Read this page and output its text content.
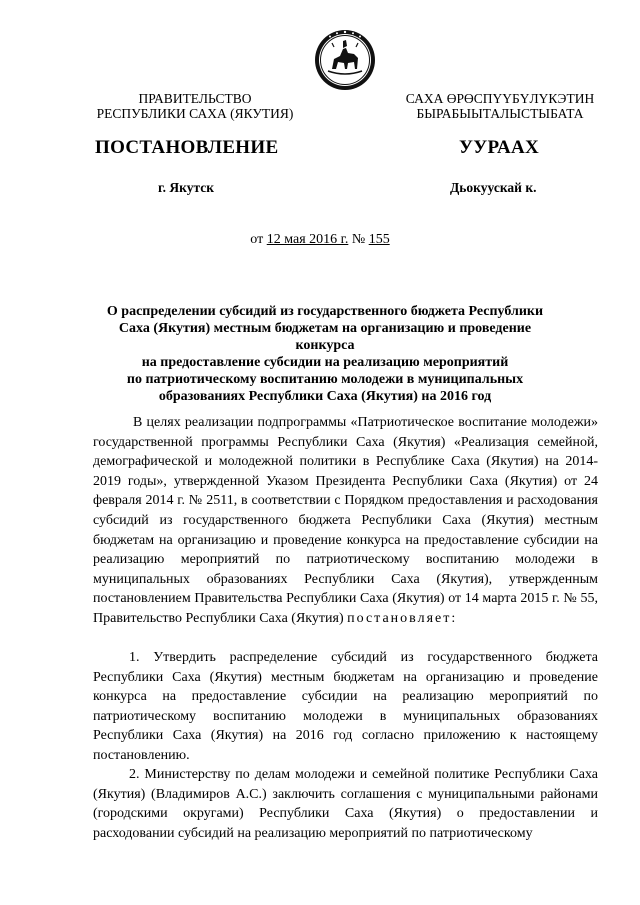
ПРАВИТЕЛЬСТВО
РЕСПУБЛИКИ САХА (ЯКУТИЯ)
САХА ӨРӨСПҮҮБҮЛҮКЭТИН
БЫРАБЫЫТАЛЫСТЫБАТА
ПОСТАНОВЛЕНИЕ	УУРААХ
г. Якутск	Дьокуускай к.
от 12 мая 2016 г. № 155
О распределении субсидий из государственного бюджета Республики
Саха (Якутия) местным бюджетам на организацию и проведение конкурса
на предоставление субсидии на реализацию мероприятий
по патриотическому воспитанию молодежи в муниципальных
образованиях Республики Саха (Якутия) на 2016 год
В целях реализации подпрограммы «Патриотическое воспитание молодежи» государственной программы Республики Саха (Якутия) «Реализация семейной, демографической и молодежной политики в Республике Саха (Якутия) на 2014-2019 годы», утвержденной Указом Президента Республики Саха (Якутия) от 24 февраля 2014 г. № 2511, в соответствии с Порядком предоставления и расходования субсидий из государственного бюджета Республики Саха (Якутия) местным бюджетам на организацию и проведение конкурса на предоставление субсидии на реализацию мероприятий по патриотическому воспитанию молодежи в муниципальных образованиях Республики Саха (Якутия), утвержденным постановлением Правительства Республики Саха (Якутия) от 14 марта 2015 г. № 55, Правительство Республики Саха (Якутия) постановляет:
1. Утвердить распределение субсидий из государственного бюджета Республики Саха (Якутия) местным бюджетам на организацию и проведение конкурса на предоставление субсидии на реализацию мероприятий по патриотическому воспитанию молодежи в муниципальных образованиях Республики Саха (Якутия) на 2016 год согласно приложению к настоящему постановлению.
2. Министерству по делам молодежи и семейной политике Республики Саха (Якутия) (Владимиров А.С.) заключить соглашения с муниципальными районами (городскими округами) Республики Саха (Якутия) о предоставлении и расходовании субсидий на реализацию мероприятий по патриотическому
